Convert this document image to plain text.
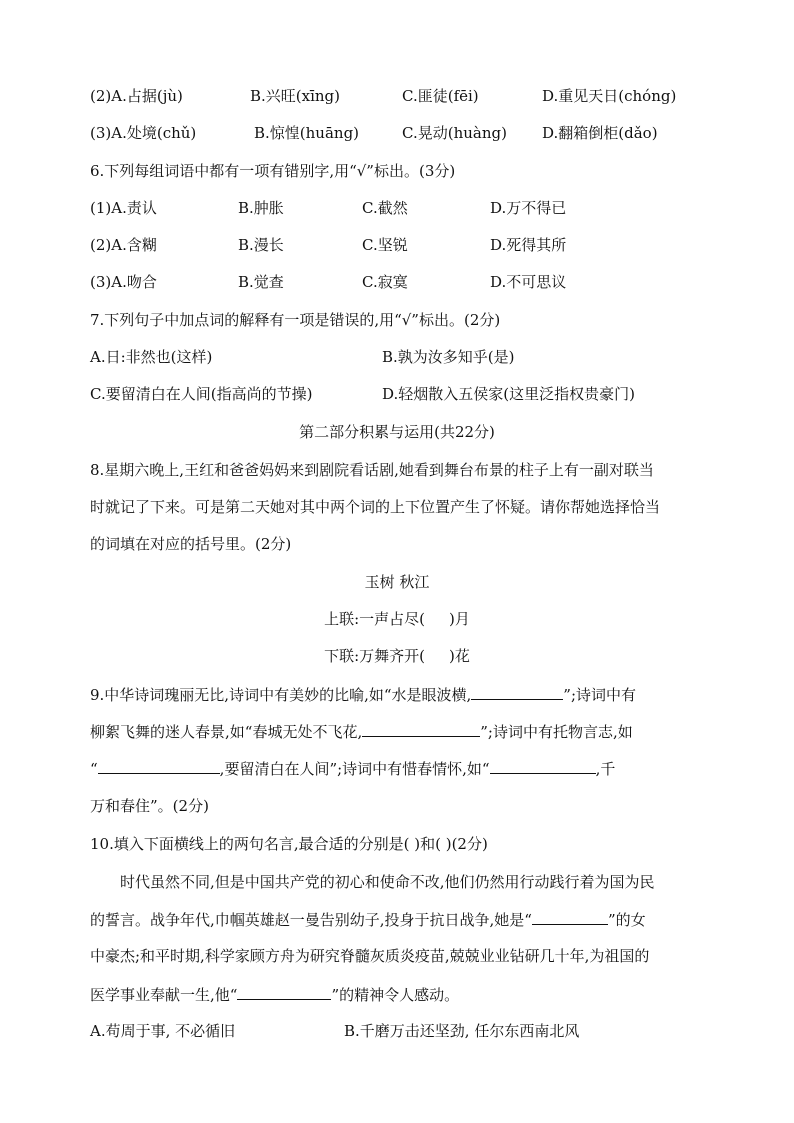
(2)A.占据(jù)	B.兴旺(xīng)	C.匪徒(fēi)	D.重见天日(chóng)
(3)A.处境(chǔ)	B.惊惶(huāng)	C.晃动(huàng) D.翻箱倒柜(dǎo)
6.下列每组词语中都有一项有错别字,用“√”标出。(3分)
(1)A.责认	B.肿胀	C.截然	D.万不得已
(2)A.含糊	B.漫长	C.坚锐	D.死得其所
(3)A.吻合	B.觉查	C.寂寞	D.不可思议
7.下列句子中加点词的解释有一项是错误的,用“√”标出。(2分)
A.日:非然也(这样)	B.孰为汝多知乎(是)
C.要留清白在人间(指高尚的节操)	D.轻烟散入五侯家(这里泛指权贵豪门)
第二部分积累与运用(共22分)
8.星期六晚上,王红和爸爸妈妈来到剧院看话剧,她看到舞台布景的柱子上有一副对联当
时就记了下来。可是第二天她对其中两个词的上下位置产生了怀疑。请你帮她选择恰当
的词填在对应的括号里。(2分)
玉树 秋江
上联:一声占尽( )月
下联:万舞齐开( )花
9.中华诗词瑰丽无比,诗词中有美妙的比喻,如“水是眼波横,	”;诗词中有
柳絮飞舞的迷人春景,如“春城无处不飞花,	”;诗词中有托物言志,如
“	,要留清白在人间”;诗词中有惜春情怀,如“	,千
万和春住”。(2分)
10.填入下面横线上的两句名言,最合适的分别是( )和( )(2分)
时代虽然不同,但是中国共产党的初心和使命不改,他们仍然用行动践行着为国为民
的誓言。战争年代,巾帼英雄赵一曼告别幼子,投身于抗日战争,她是“	”的女
中豪杰;和平时期,科学家顾方舟为研究脊髓灰质炎疫苗,兢兢业业钻研几十年,为祖国的
医学事业奉献一生,他“	”的精神令人感动。
A.苟周于事, 不必循旧	B.千磨万击还坚劲, 任尔东西南北风
